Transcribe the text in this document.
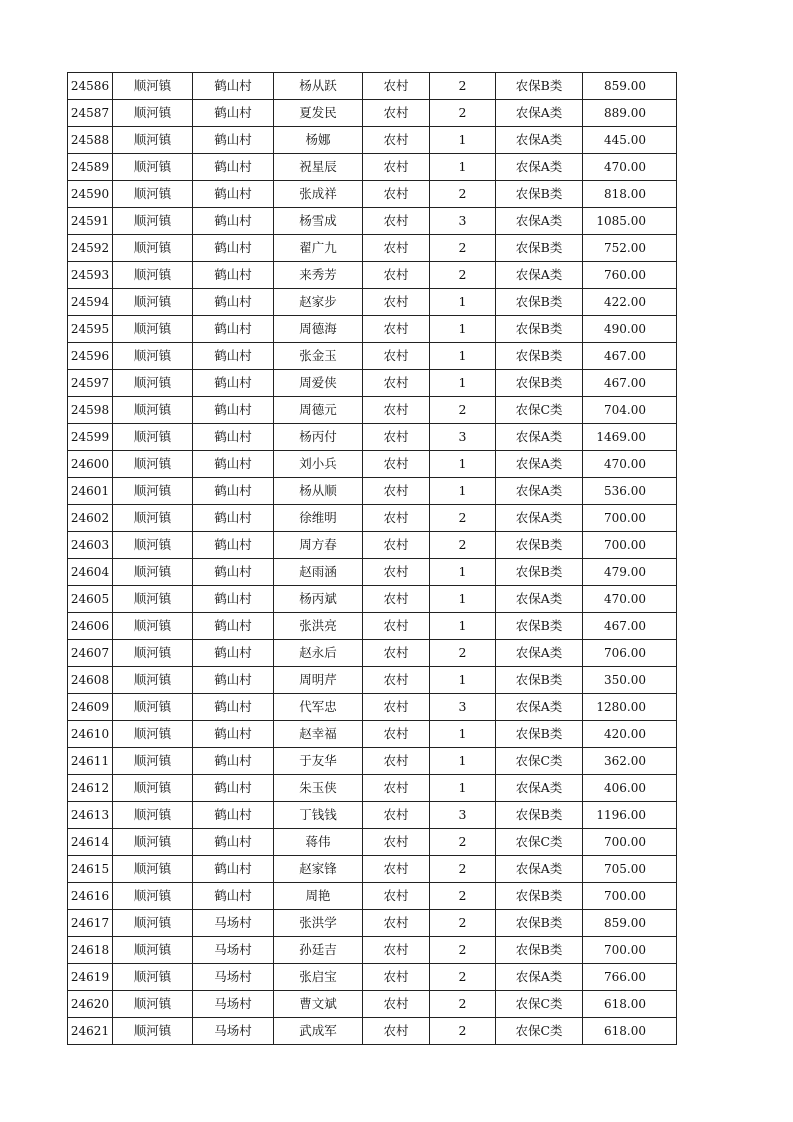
24586	顺河镇	鹤山村	杨从跃	农村	2	农保B类	859.00
24587	顺河镇	鹤山村	夏发民	农村	2	农保A类	889.00
24588	顺河镇	鹤山村	杨娜	农村	1	农保A类	445.00
24589	顺河镇	鹤山村	祝星辰	农村	1	农保A类	470.00
24590	顺河镇	鹤山村	张成祥	农村	2	农保B类	818.00
24591	顺河镇	鹤山村	杨雪成	农村	3	农保A类	1085.00
24592	顺河镇	鹤山村	翟广九	农村	2	农保B类	752.00
24593	顺河镇	鹤山村	来秀芳	农村	2	农保A类	760.00
24594	顺河镇	鹤山村	赵家步	农村	1	农保B类	422.00
24595	顺河镇	鹤山村	周德海	农村	1	农保B类	490.00
24596	顺河镇	鹤山村	张金玉	农村	1	农保B类	467.00
24597	顺河镇	鹤山村	周爱侠	农村	1	农保B类	467.00
24598	顺河镇	鹤山村	周德元	农村	2	农保C类	704.00
24599	顺河镇	鹤山村	杨丙付	农村	3	农保A类	1469.00
24600	顺河镇	鹤山村	刘小兵	农村	1	农保A类	470.00
24601	顺河镇	鹤山村	杨从顺	农村	1	农保A类	536.00
24602	顺河镇	鹤山村	徐维明	农村	2	农保A类	700.00
24603	顺河镇	鹤山村	周方春	农村	2	农保B类	700.00
24604	顺河镇	鹤山村	赵雨涵	农村	1	农保B类	479.00
24605	顺河镇	鹤山村	杨丙斌	农村	1	农保A类	470.00
24606	顺河镇	鹤山村	张洪亮	农村	1	农保B类	467.00
24607	顺河镇	鹤山村	赵永后	农村	2	农保A类	706.00
24608	顺河镇	鹤山村	周明芹	农村	1	农保B类	350.00
24609	顺河镇	鹤山村	代军忠	农村	3	农保A类	1280.00
24610	顺河镇	鹤山村	赵幸福	农村	1	农保B类	420.00
24611	顺河镇	鹤山村	于友华	农村	1	农保C类	362.00
24612	顺河镇	鹤山村	朱玉侠	农村	1	农保A类	406.00
24613	顺河镇	鹤山村	丁钱钱	农村	3	农保B类	1196.00
24614	顺河镇	鹤山村	蒋伟	农村	2	农保C类	700.00
24615	顺河镇	鹤山村	赵家锋	农村	2	农保A类	705.00
24616	顺河镇	鹤山村	周艳	农村	2	农保B类	700.00
24617	顺河镇	马场村	张洪学	农村	2	农保B类	859.00
24618	顺河镇	马场村	孙廷吉	农村	2	农保B类	700.00
24619	顺河镇	马场村	张启宝	农村	2	农保A类	766.00
24620	顺河镇	马场村	曹文斌	农村	2	农保C类	618.00
24621	顺河镇	马场村	武成军	农村	2	农保C类	618.00
